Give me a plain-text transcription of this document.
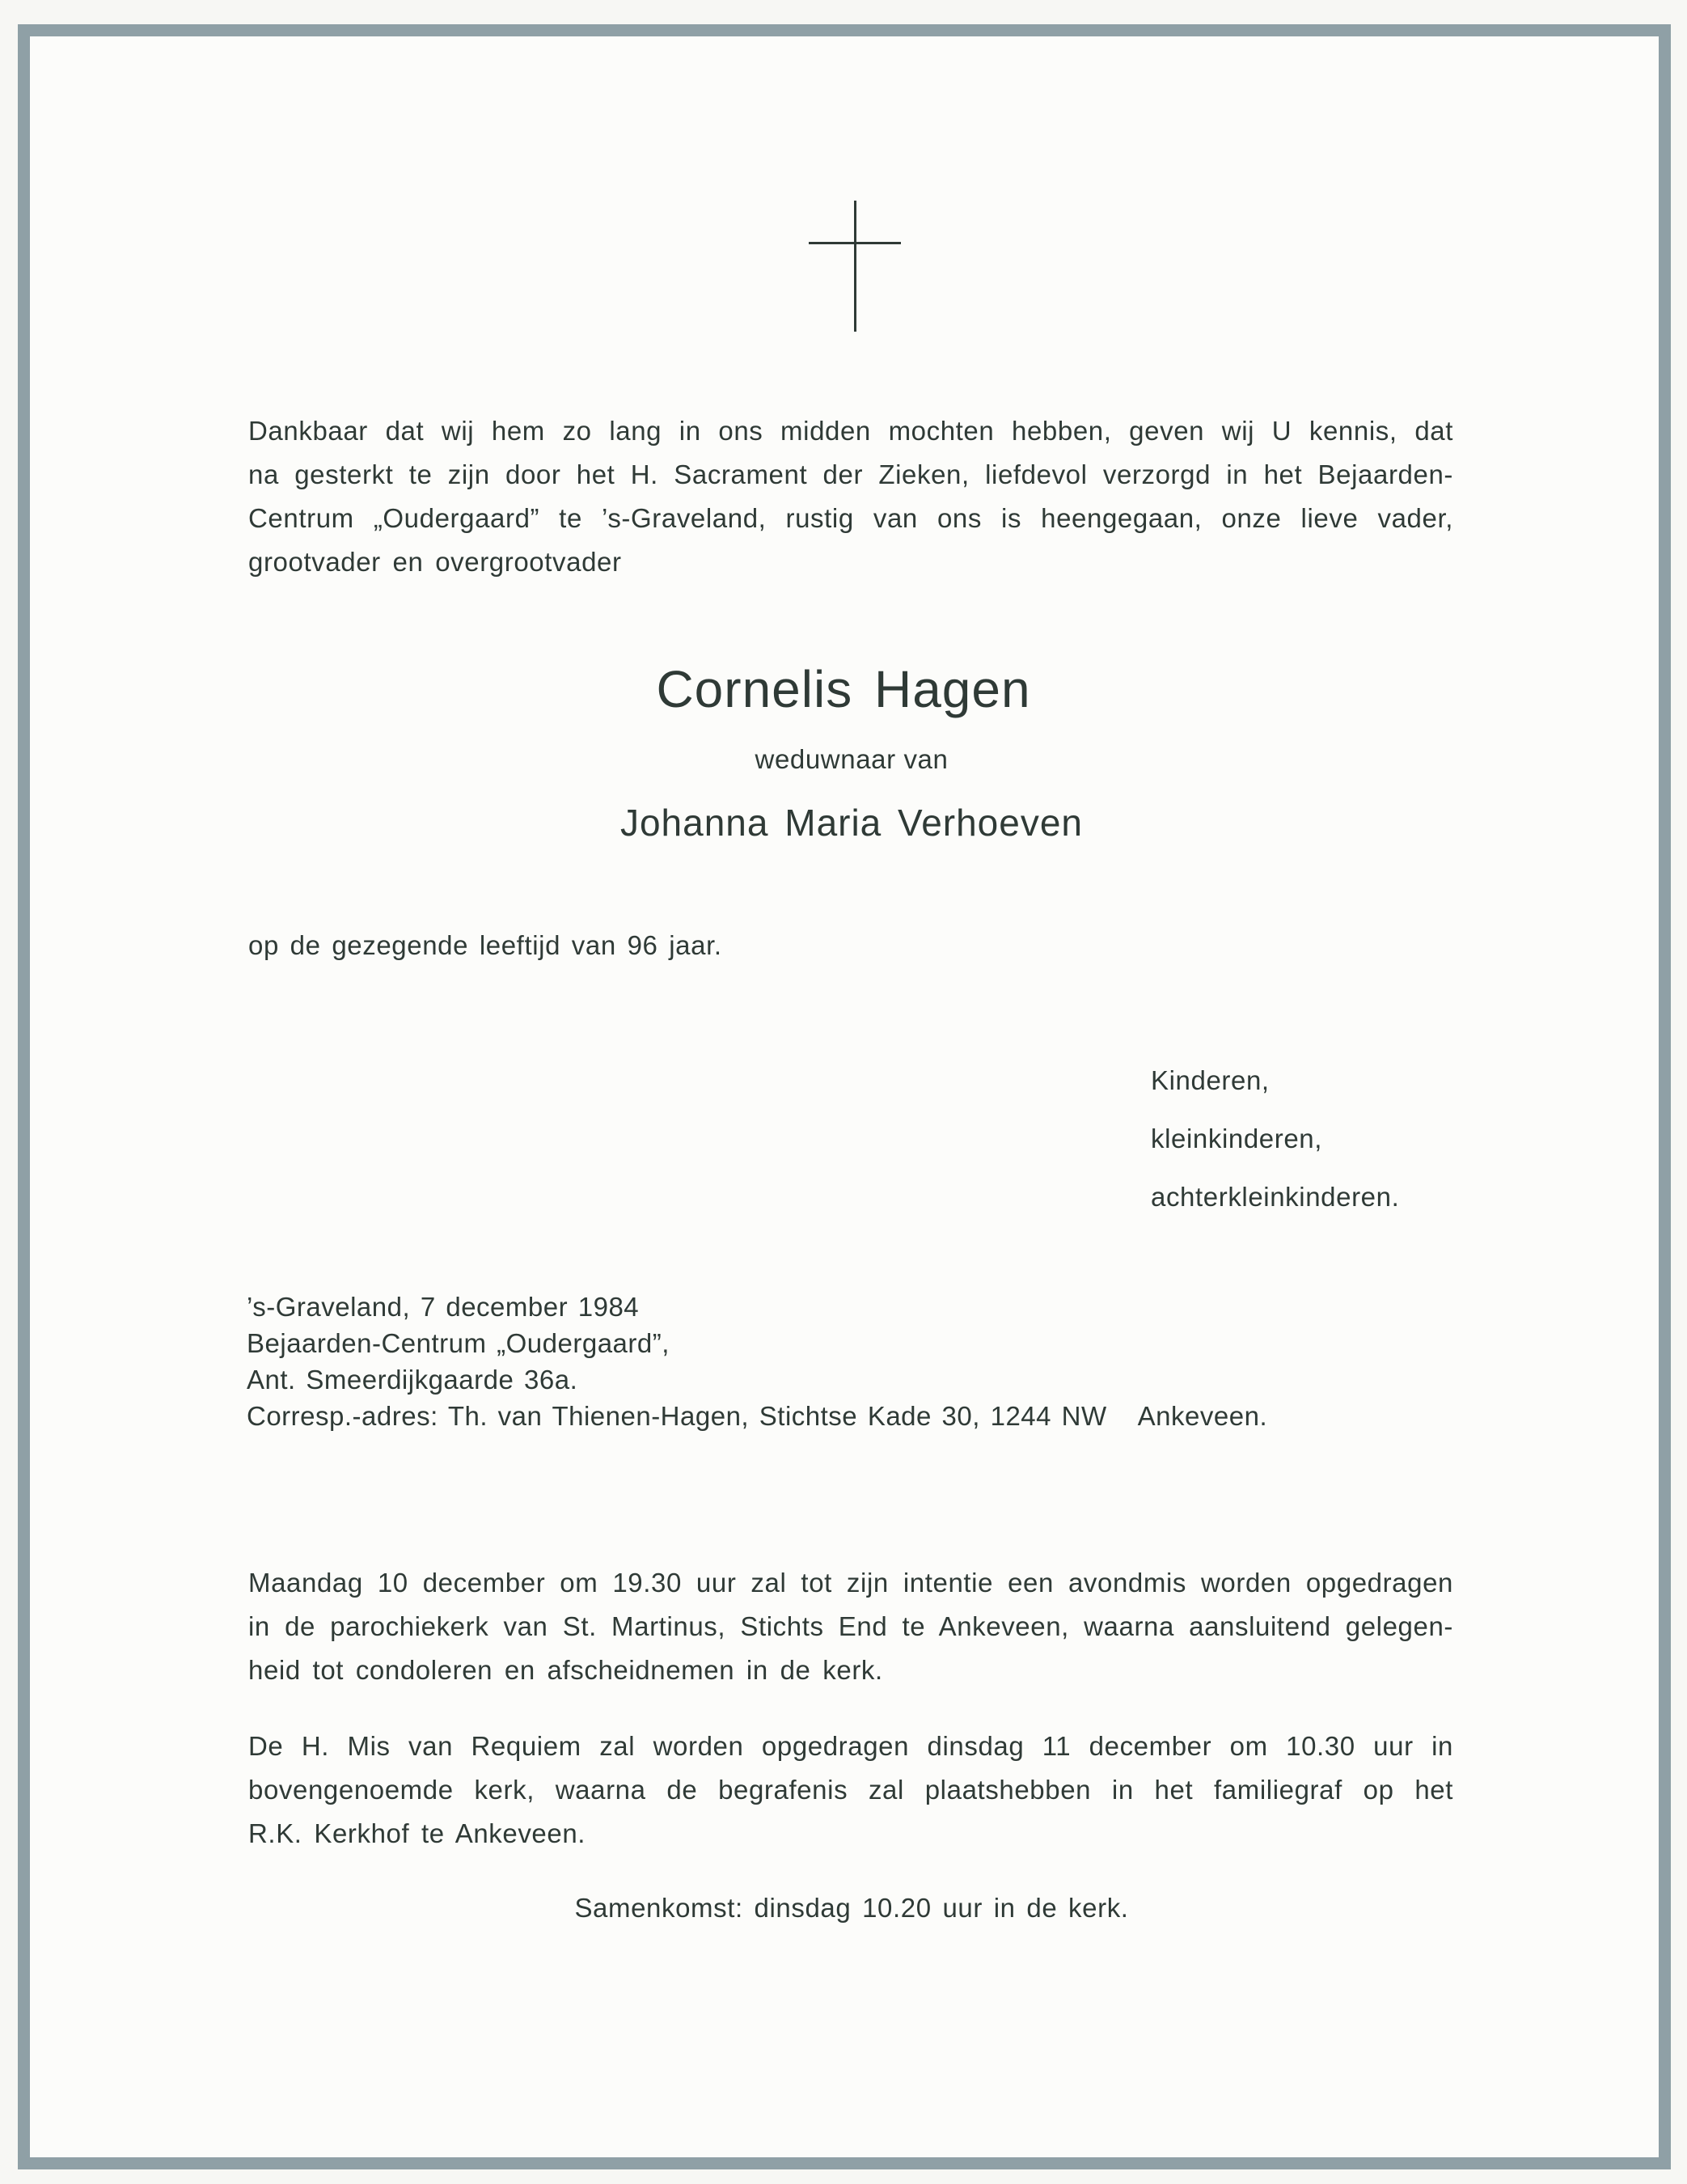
Dankbaar dat wij hem zo lang in ons midden mochten hebben, geven wij U kennis, dat
na gesterkt te zijn door het H. Sacrament der Zieken, liefdevol verzorgd in het Bejaarden-
Centrum „Oudergaard” te ’s-Graveland, rustig van ons is heengegaan, onze lieve vader,
grootvader en overgrootvader
Cornelis Hagen
weduwnaar van
Johanna Maria Verhoeven
op de gezegende leeftijd van 96 jaar.
Kinderen,
kleinkinderen,
achterkleinkinderen.
’s-Graveland, 7 december 1984
Bejaarden-Centrum „Oudergaard”,
Ant. Smeerdijkgaarde 36a.
Corresp.-adres: Th. van Thienen-Hagen, Stichtse Kade 30, 1244 NW   Ankeveen.
Maandag 10 december om 19.30 uur zal tot zijn intentie een avondmis worden opgedragen
in de parochiekerk van St. Martinus, Stichts End te Ankeveen, waarna aansluitend gelegen-
heid tot condoleren en afscheidnemen in de kerk.
De H. Mis van Requiem zal worden opgedragen dinsdag 11 december om 10.30 uur in
bovengenoemde kerk, waarna de begrafenis zal plaatshebben in het familiegraf op het
R.K. Kerkhof te Ankeveen.
Samenkomst: dinsdag 10.20 uur in de kerk.
